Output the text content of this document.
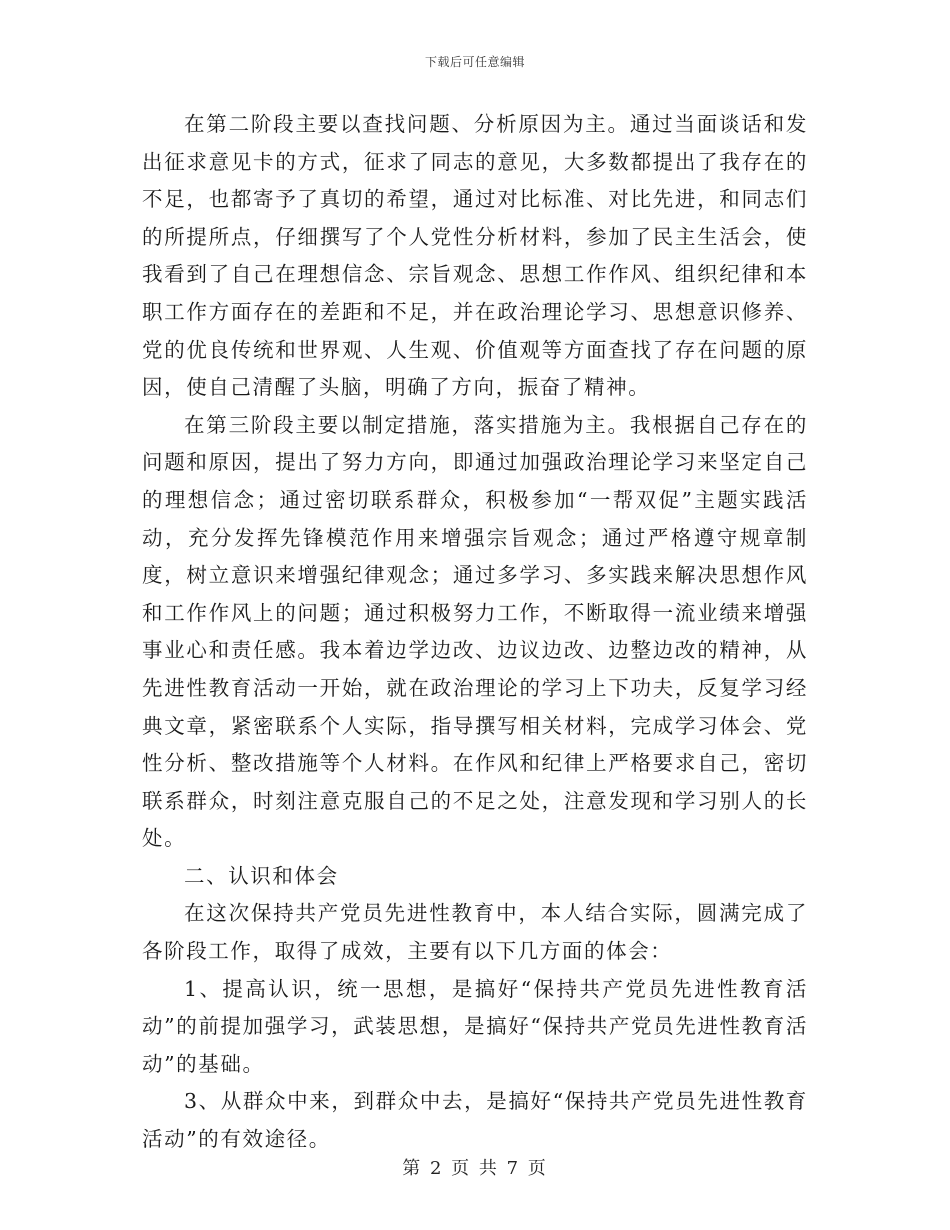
下载后可任意编辑

在第二阶段主要以查找问题、分析原因为主。通过当面谈话和发出征求意见卡的方式，征求了同志的意见，大多数都提出了我存在的不足，也都寄予了真切的希望，通过对比标准、对比先进，和同志们的所提所点，仔细撰写了个人党性分析材料，参加了民主生活会，使我看到了自己在理想信念、宗旨观念、思想工作作风、组织纪律和本职工作方面存在的差距和不足，并在政治理论学习、思想意识修养、党的优良传统和世界观、人生观、价值观等方面查找了存在问题的原因，使自己清醒了头脑，明确了方向，振奋了精神。

在第三阶段主要以制定措施，落实措施为主。我根据自己存在的问题和原因，提出了努力方向，即通过加强政治理论学习来坚定自己的理想信念；通过密切联系群众，积极参加“一帮双促”主题实践活动，充分发挥先锋模范作用来增强宗旨观念；通过严格遵守规章制度，树立意识来增强纪律观念；通过多学习、多实践来解决思想作风和工作作风上的问题；通过积极努力工作，不断取得一流业绩来增强事业心和责任感。我本着边学边改、边议边改、边整边改的精神，从先进性教育活动一开始，就在政治理论的学习上下功夫，反复学习经典文章，紧密联系个人实际，指导撰写相关材料，完成学习体会、党性分析、整改措施等个人材料。在作风和纪律上严格要求自己，密切联系群众，时刻注意克服自己的不足之处，注意发现和学习别人的长处。

二、认识和体会

在这次保持共产党员先进性教育中，本人结合实际，圆满完成了各阶段工作，取得了成效，主要有以下几方面的体会：

1、提高认识，统一思想，是搞好“保持共产党员先进性教育活动”的前提加强学习，武装思想，是搞好“保持共产党员先进性教育活动”的基础。

3、从群众中来，到群众中去，是搞好“保持共产党员先进性教育活动”的有效途径。

第 2 页 共 7 页
